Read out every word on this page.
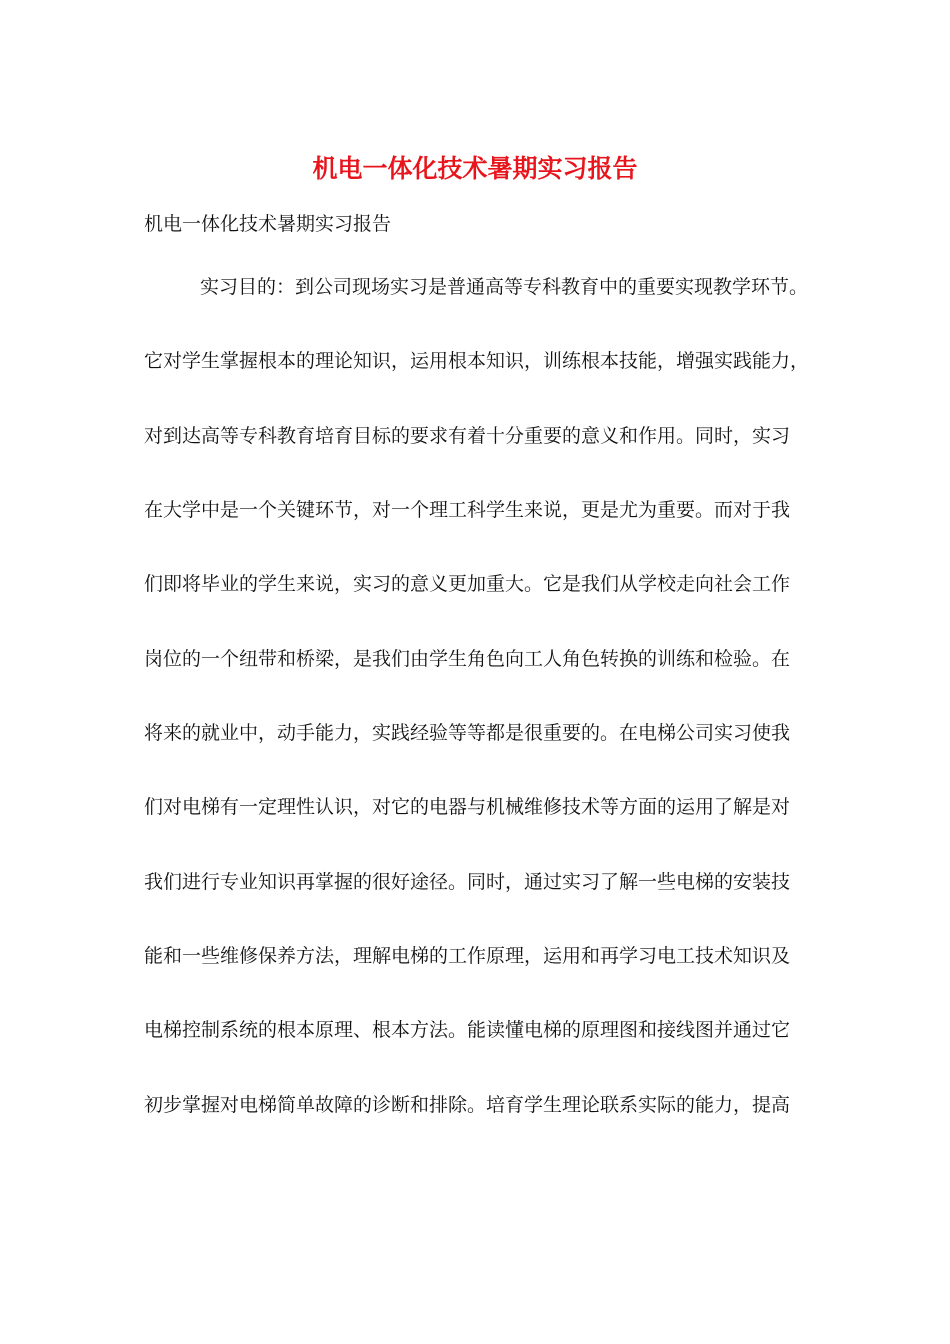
机电一体化技术暑期实习报告
机电一体化技术暑期实习报告
实习目的：到公司现场实习是普通高等专科教育中的重要实现教学环节。
它对学生掌握根本的理论知识，运用根本知识，训练根本技能，增强实践能力，
对到达高等专科教育培育目标的要求有着十分重要的意义和作用。同时，实习
在大学中是一个关键环节，对一个理工科学生来说，更是尤为重要。而对于我
们即将毕业的学生来说，实习的意义更加重大。它是我们从学校走向社会工作
岗位的一个纽带和桥梁，是我们由学生角色向工人角色转换的训练和检验。在
将来的就业中，动手能力，实践经验等等都是很重要的。在电梯公司实习使我
们对电梯有一定理性认识，对它的电器与机械维修技术等方面的运用了解是对
我们进行专业知识再掌握的很好途径。同时，通过实习了解一些电梯的安装技
能和一些维修保养方法，理解电梯的工作原理，运用和再学习电工技术知识及
电梯控制系统的根本原理、根本方法。能读懂电梯的原理图和接线图并通过它
初步掌握对电梯简单故障的诊断和排除。培育学生理论联系实际的能力，提高
